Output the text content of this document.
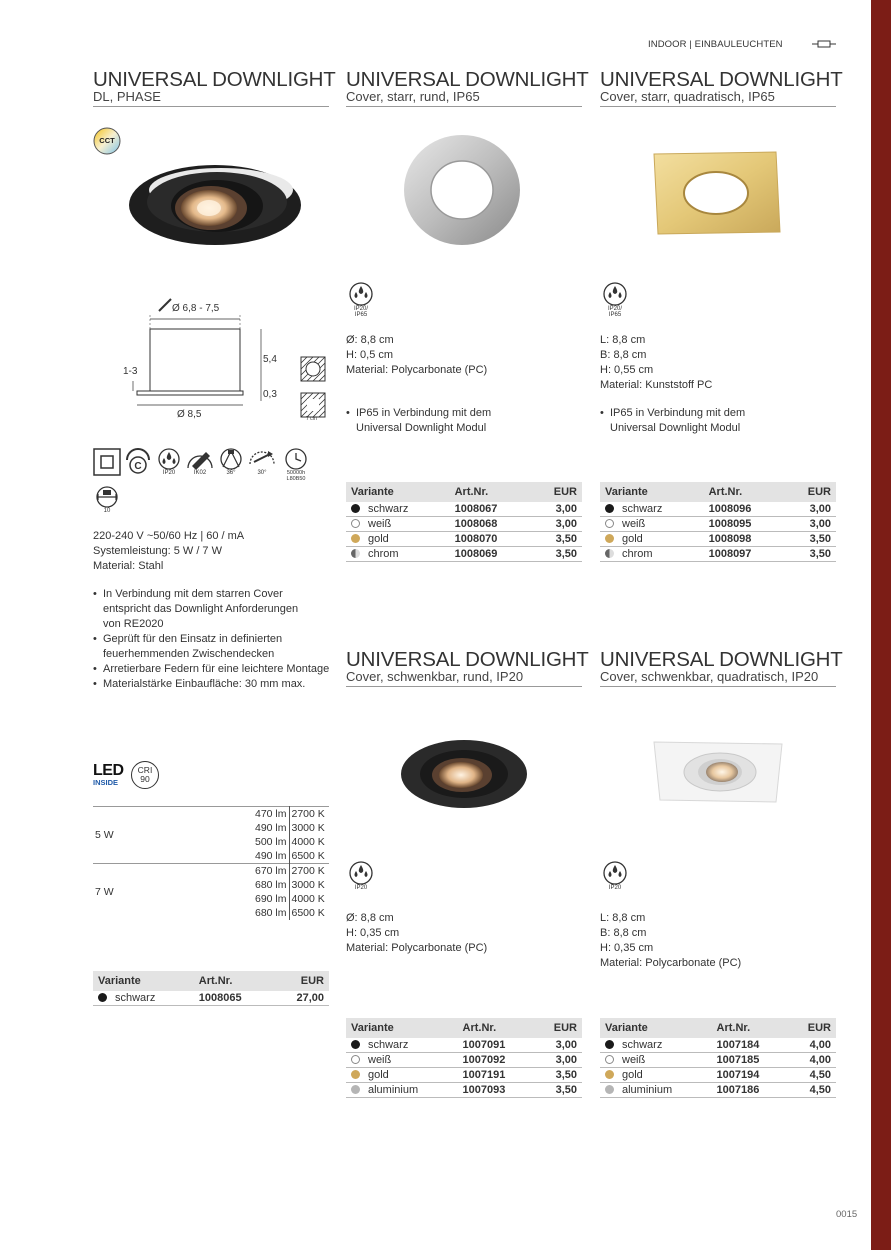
INDOOR | EINBAULEUCHTEN
0015
UNIVERSAL DOWNLIGHT
DL, PHASE
CCT
Ø 6,8 - 7,5
5,4
1-3
0,3
Ø 8,5	7 cm
C
IP20	IK02	36°	30°	50000h L80B50
10
220-240 V ~50/60 Hz | 60 / mA
Systemleistung: 5 W / 7 W
Material: Stahl
• In Verbindung mit dem starren Cover entspricht das Downlight Anforderungen von RE2020
• Geprüft für den Einsatz in definierten feuerhemmenden Zwischendecken
• Arretierbare Federn für eine leichtere Montage
• Materialstärke Einbaufläche: 30 mm max.
LED
INSIDE
CRI
90
5 W	470 lm	2700 K
	490 lm	3000 K
	500 lm	4000 K
	490 lm	6500 K
7 W	670 lm	2700 K
	680 lm	3000 K
	690 lm	4000 K
	680 lm	6500 K
Variante	Art.Nr.	EUR
schwarz	1008065	27,00
UNIVERSAL DOWNLIGHT
Cover, starr, rund, IP65
IP20/
IP65
Ø: 8,8 cm
H: 0,5 cm
Material: Polycarbonate (PC)
• IP65 in Verbindung mit dem Universal Downlight Modul
Variante	Art.Nr.	EUR
schwarz	1008067	3,00
weiß	1008068	3,00
gold	1008070	3,50
chrom	1008069	3,50
UNIVERSAL DOWNLIGHT
Cover, starr, quadratisch, IP65
IP20/
IP65
L: 8,8 cm
B: 8,8 cm
H: 0,55 cm
Material: Kunststoff PC
• IP65 in Verbindung mit dem Universal Downlight Modul
Variante	Art.Nr.	EUR
schwarz	1008096	3,00
weiß	1008095	3,00
gold	1008098	3,50
chrom	1008097	3,50
UNIVERSAL DOWNLIGHT
Cover, schwenkbar, rund, IP20
IP20
Ø: 8,8 cm
H: 0,35 cm
Material: Polycarbonate (PC)
Variante	Art.Nr.	EUR
schwarz	1007091	3,00
weiß	1007092	3,00
gold	1007191	3,50
aluminium	1007093	3,50
UNIVERSAL DOWNLIGHT
Cover, schwenkbar, quadratisch, IP20
IP20
L: 8,8 cm
B: 8,8 cm
H: 0,35 cm
Material: Polycarbonate (PC)
Variante	Art.Nr.	EUR
schwarz	1007184	4,00
weiß	1007185	4,00
gold	1007194	4,50
aluminium	1007186	4,50
